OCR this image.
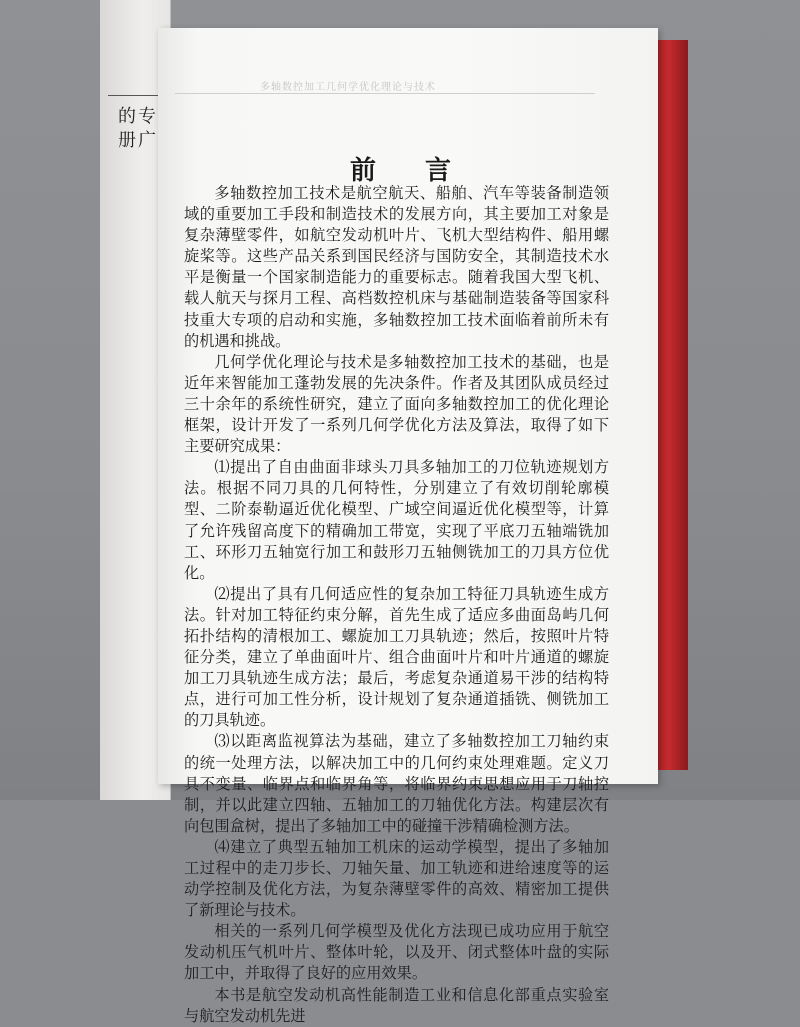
的专
册广
多轴数控加工几何学优化理论与技术
前 言

多轴数控加工技术是航空航天、船舶、汽车等装备制造领域的重要加工手段和制造技术的发展方向，其主要加工对象是复杂薄壁零件，如航空发动机叶片、飞机大型结构件、船用螺旋桨等。这些产品关系到国民经济与国防安全，其制造技术水平是衡量一个国家制造能力的重要标志。随着我国大型飞机、载人航天与探月工程、高档数控机床与基础制造装备等国家科技重大专项的启动和实施，多轴数控加工技术面临着前所未有的机遇和挑战。

几何学优化理论与技术是多轴数控加工技术的基础，也是近年来智能加工蓬勃发展的先决条件。作者及其团队成员经过三十余年的系统性研究，建立了面向多轴数控加工的优化理论框架，设计开发了一系列几何学优化方法及算法，取得了如下主要研究成果：

⑴提出了自由曲面非球头刀具多轴加工的刀位轨迹规划方法。根据不同刀具的几何特性，分别建立了有效切削轮廓模型、二阶泰勒逼近优化模型、广域空间逼近优化模型等，计算了允许残留高度下的精确加工带宽，实现了平底刀五轴端铣加工、环形刀五轴宽行加工和鼓形刀五轴侧铣加工的刀具方位优化。

⑵提出了具有几何适应性的复杂加工特征刀具轨迹生成方法。针对加工特征约束分解，首先生成了适应多曲面岛屿几何拓扑结构的清根加工、螺旋加工刀具轨迹；然后，按照叶片特征分类，建立了单曲面叶片、组合曲面叶片和叶片通道的螺旋加工刀具轨迹生成方法；最后，考虑复杂通道易干涉的结构特点，进行可加工性分析，设计规划了复杂通道插铣、侧铣加工的刀具轨迹。

⑶以距离监视算法为基础，建立了多轴数控加工刀轴约束的统一处理方法，以解决加工中的几何约束处理难题。定义刀具不变量、临界点和临界角等，将临界约束思想应用于刀轴控制，并以此建立四轴、五轴加工的刀轴优化方法。构建层次有向包围盒树，提出了多轴加工中的碰撞干涉精确检测方法。

⑷建立了典型五轴加工机床的运动学模型，提出了多轴加工过程中的走刀步长、刀轴矢量、加工轨迹和进给速度等的运动学控制及优化方法，为复杂薄壁零件的高效、精密加工提供了新理论与技术。

相关的一系列几何学模型及优化方法现已成功应用于航空发动机压气机叶片、整体叶轮，以及开、闭式整体叶盘的实际加工中，并取得了良好的应用效果。

本书是航空发动机高性能制造工业和信息化部重点实验室与航空发动机先进
